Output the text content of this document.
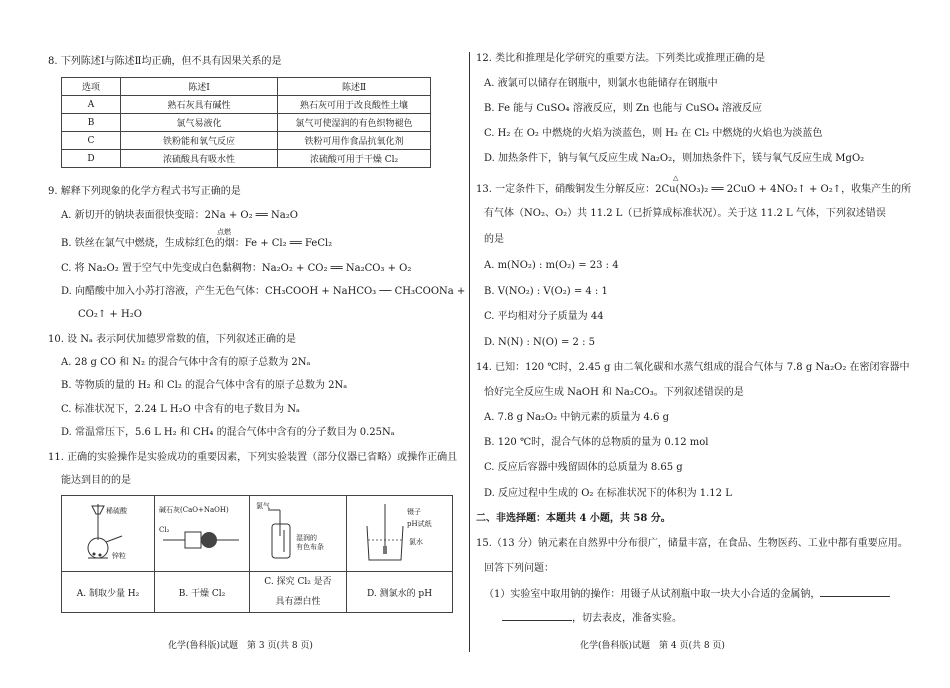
8. 下列陈述Ⅰ与陈述Ⅱ均正确，但不具有因果关系的是
选项	陈述Ⅰ	陈述Ⅱ
A	熟石灰具有碱性	熟石灰可用于改良酸性土壤
B	氯气易液化	氯气可使湿润的有色织物褪色
C	铁粉能和氧气反应	铁粉可用作食品抗氧化剂
D	浓硫酸具有吸水性	浓硫酸可用于干燥 Cl₂
9. 解释下列现象的化学方程式书写正确的是
A. 新切开的钠块表面很快变暗：2Na + O₂ ══ Na₂O
点燃
B. 铁丝在氯气中燃烧，生成棕红色的烟：Fe + Cl₂ ══ FeCl₂
C. 将 Na₂O₂ 置于空气中先变成白色黏稠物：Na₂O₂ + CO₂ ══ Na₂CO₃ + O₂
D. 向醋酸中加入小苏打溶液，产生无色气体：CH₃COOH + NaHCO₃ ── CH₃COONa +
CO₂↑ + H₂O
10. 设 Nₐ 表示阿伏加德罗常数的值，下列叙述正确的是
A. 28 g CO 和 N₂ 的混合气体中含有的原子总数为 2Nₐ
B. 等物质的量的 H₂ 和 Cl₂ 的混合气体中含有的原子总数为 2Nₐ
C. 标准状况下，2.24 L H₂O 中含有的电子数目为 Nₐ
D. 常温常压下，5.6 L H₂ 和 CH₄ 的混合气体中含有的分子数目为 0.25Nₐ
11. 正确的实验操作是实验成功的重要因素，下列实验装置（部分仪器已省略）或操作正确且
能达到目的的是
稀硫酸
锌粒	碱石灰(CaO+NaOH)
Cl₂	氯气
湿润的
有色布条	镊子
pH试纸
氯水

A. 制取少量 H₂	B. 干燥 Cl₂	C. 探究 Cl₂ 是否
具有漂白性	D. 测氯水的 pH
化学(鲁科版)试题　第 3 页(共 8 页)
12. 类比和推理是化学研究的重要方法。下列类比或推理正确的是
A. 液氯可以储存在钢瓶中，则氯水也能储存在钢瓶中
B. Fe 能与 CuSO₄ 溶液反应，则 Zn 也能与 CuSO₄ 溶液反应
C. H₂ 在 O₂ 中燃烧的火焰为淡蓝色，则 H₂ 在 Cl₂ 中燃烧的火焰也为淡蓝色
D. 加热条件下，钠与氧气反应生成 Na₂O₂，则加热条件下，镁与氧气反应生成 MgO₂
△
13. 一定条件下，硝酸铜发生分解反应：2Cu(NO₃)₂ ══ 2CuO + 4NO₂↑ + O₂↑，收集产生的所
有气体（NO₂、O₂）共 11.2 L（已折算成标准状况）。关于这 11.2 L 气体，下列叙述错误
的是
A. m(NO₂) : m(O₂) = 23 : 4
B. V(NO₂) : V(O₂) = 4 : 1
C. 平均相对分子质量为 44
D. N(N) : N(O) = 2 : 5
14. 已知：120 ℃时，2.45 g 由二氧化碳和水蒸气组成的混合气体与 7.8 g Na₂O₂ 在密闭容器中
恰好完全反应生成 NaOH 和 Na₂CO₃。下列叙述错误的是
A. 7.8 g Na₂O₂ 中钠元素的质量为 4.6 g
B. 120 ℃时，混合气体的总物质的量为 0.12 mol
C. 反应后容器中残留固体的总质量为 8.65 g
D. 反应过程中生成的 O₂ 在标准状况下的体积为 1.12 L
二、非选择题：本题共 4 小题，共 58 分。
15.（13 分）钠元素在自然界中分布很广，储量丰富，在食品、生物医药、工业中都有重要应用。
回答下列问题：
（1）实验室中取用钠的操作：用镊子从试剂瓶中取一块大小合适的金属钠，
，切去表皮，准备实验。
化学(鲁科版)试题　第 4 页(共 8 页)
